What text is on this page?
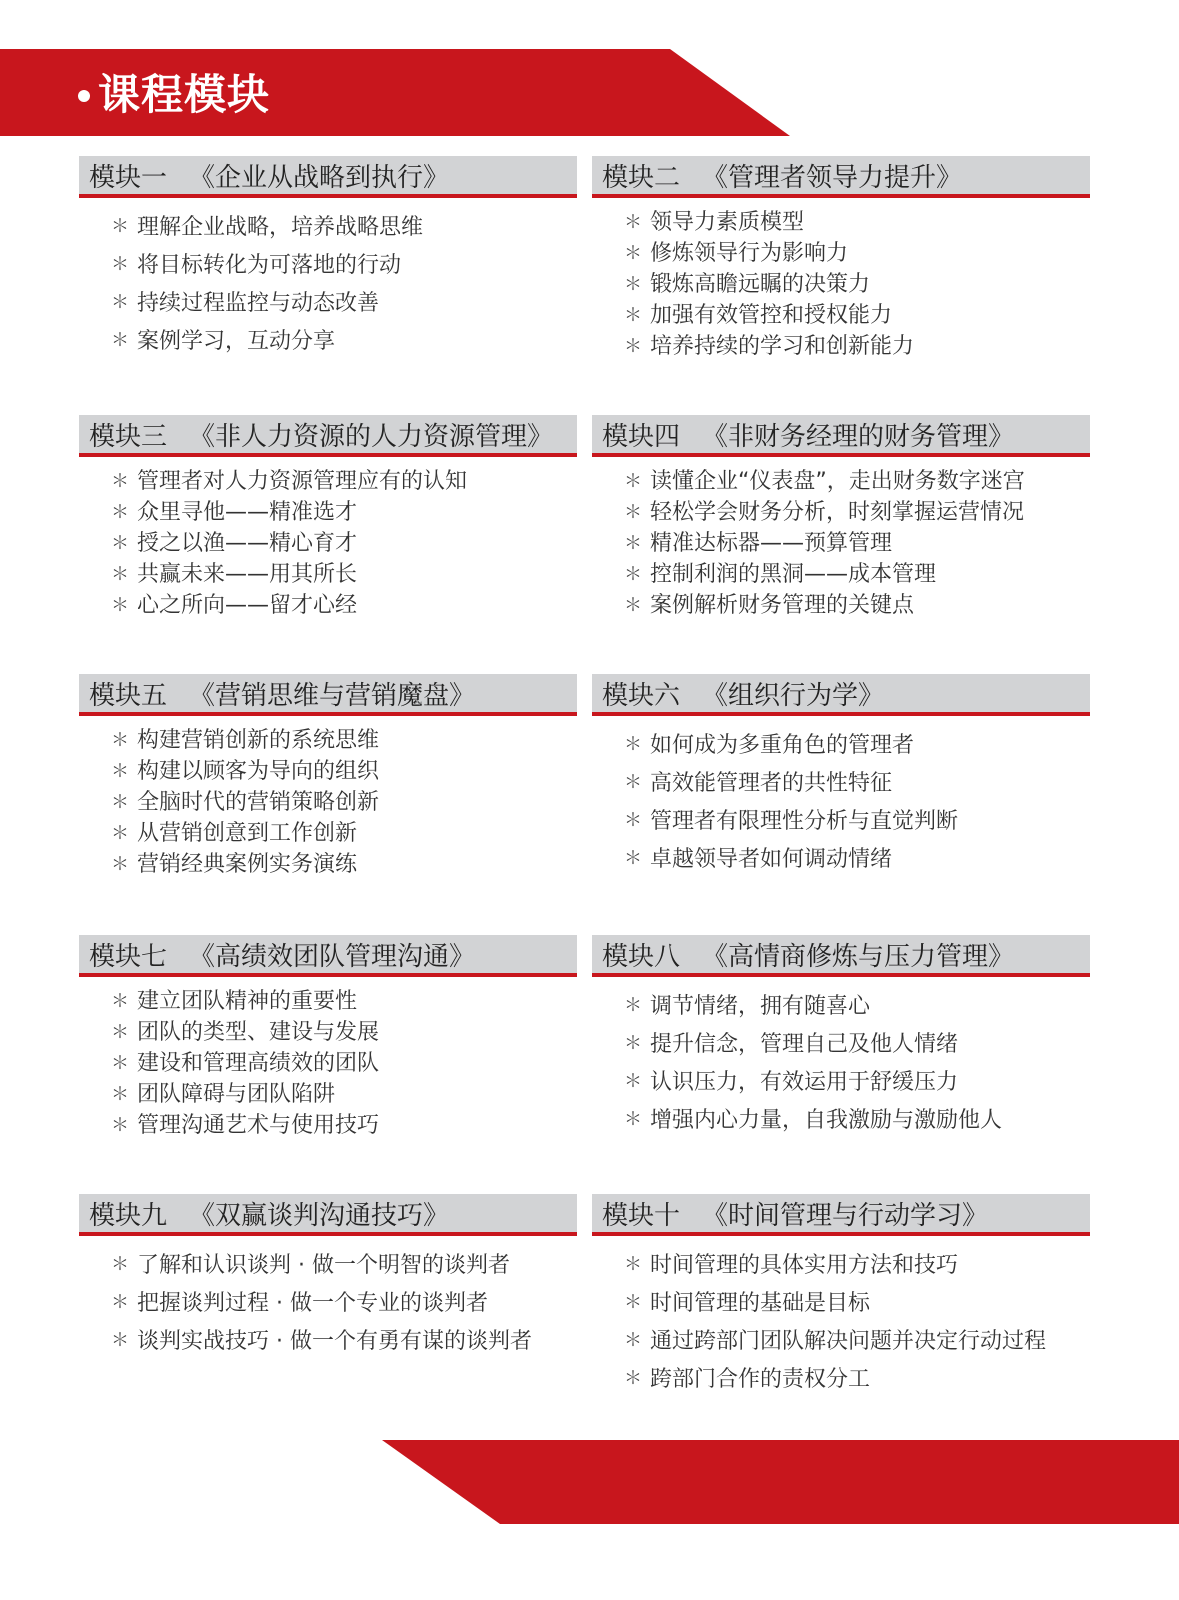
课程模块
模块一 《企业从战略到执行》
＊ 理解企业战略，培养战略思维
＊ 将目标转化为可落地的行动
＊ 持续过程监控与动态改善
＊ 案例学习，互动分享
模块二 《管理者领导力提升》
＊ 领导力素质模型
＊ 修炼领导行为影响力
＊ 锻炼高瞻远瞩的决策力
＊ 加强有效管控和授权能力
＊ 培养持续的学习和创新能力
模块三 《非人力资源的人力资源管理》
＊ 管理者对人力资源管理应有的认知
＊ 众里寻他——精准选才
＊ 授之以渔——精心育才
＊ 共赢未来——用其所长
＊ 心之所向——留才心经
模块四 《非财务经理的财务管理》
＊ 读懂企业“仪表盘”，走出财务数字迷宫
＊ 轻松学会财务分析，时刻掌握运营情况
＊ 精准达标器——预算管理
＊ 控制利润的黑洞——成本管理
＊ 案例解析财务管理的关键点
模块五 《营销思维与营销魔盘》
＊ 构建营销创新的系统思维
＊ 构建以顾客为导向的组织
＊ 全脑时代的营销策略创新
＊ 从营销创意到工作创新
＊ 营销经典案例实务演练
模块六 《组织行为学》
＊ 如何成为多重角色的管理者
＊ 高效能管理者的共性特征
＊ 管理者有限理性分析与直觉判断
＊ 卓越领导者如何调动情绪
模块七 《高绩效团队管理沟通》
＊ 建立团队精神的重要性
＊ 团队的类型、建设与发展
＊ 建设和管理高绩效的团队
＊ 团队障碍与团队陷阱
＊ 管理沟通艺术与使用技巧
模块八 《高情商修炼与压力管理》
＊ 调节情绪，拥有随喜心
＊ 提升信念，管理自己及他人情绪
＊ 认识压力，有效运用于舒缓压力
＊ 增强内心力量，自我激励与激励他人
模块九 《双赢谈判沟通技巧》
＊ 了解和认识谈判 · 做一个明智的谈判者
＊ 把握谈判过程 · 做一个专业的谈判者
＊ 谈判实战技巧 · 做一个有勇有谋的谈判者
模块十 《时间管理与行动学习》
＊ 时间管理的具体实用方法和技巧
＊ 时间管理的基础是目标
＊ 通过跨部门团队解决问题并决定行动过程
＊ 跨部门合作的责权分工
